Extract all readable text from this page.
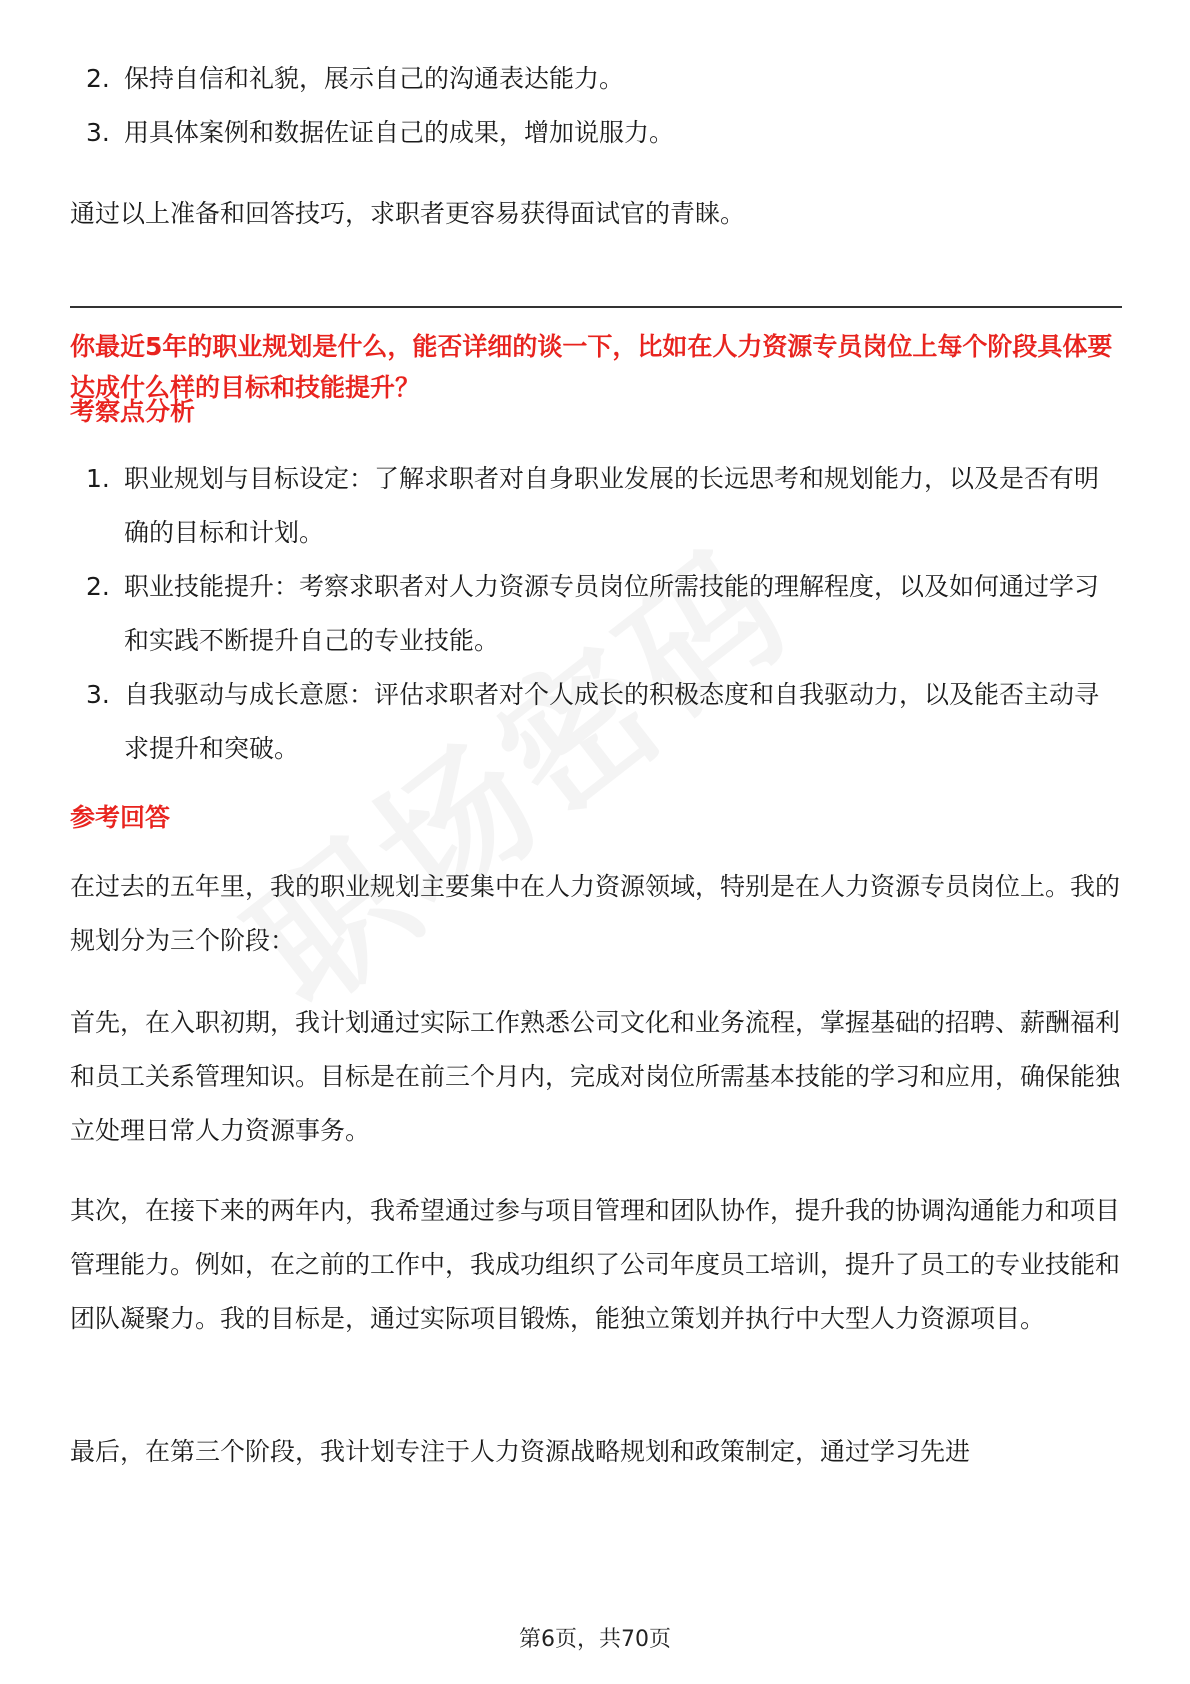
2. 保持自信和礼貌，展示自己的沟通表达能力。
3. 用具体案例和数据佐证自己的成果，增加说服力。

通过以上准备和回答技巧，求职者更容易获得面试官的青睐。

你最近5年的职业规划是什么，能否详细的谈一下，比如在人力资源专员岗位上每个阶段具体要达成什么样的目标和技能提升？

考察点分析
1. 职业规划与目标设定：了解求职者对自身职业发展的长远思考和规划能力，以及是否有明确的目标和计划。
2. 职业技能提升：考察求职者对人力资源专员岗位所需技能的理解程度，以及如何通过学习和实践不断提升自己的专业技能。
3. 自我驱动与成长意愿：评估求职者对个人成长的积极态度和自我驱动力，以及能否主动寻求提升和突破。
参考回答

在过去的五年里，我的职业规划主要集中在人力资源领域，特别是在人力资源专员岗位上。我的规划分为三个阶段：

首先，在入职初期，我计划通过实际工作熟悉公司文化和业务流程，掌握基础的招聘、薪酬福利和员工关系管理知识。目标是在前三个月内，完成对岗位所需基本技能的学习和应用，确保能独立处理日常人力资源事务。

其次，在接下来的两年内，我希望通过参与项目管理和团队协作，提升我的协调沟通能力和项目管理能力。例如，在之前的工作中，我成功组织了公司年度员工培训，提升了员工的专业技能和团队凝聚力。我的目标是，通过实际项目锻炼，能独立策划并执行中大型人力资源项目。

最后，在第三个阶段，我计划专注于人力资源战略规划和政策制定，通过学习先进

第6页，共70页
